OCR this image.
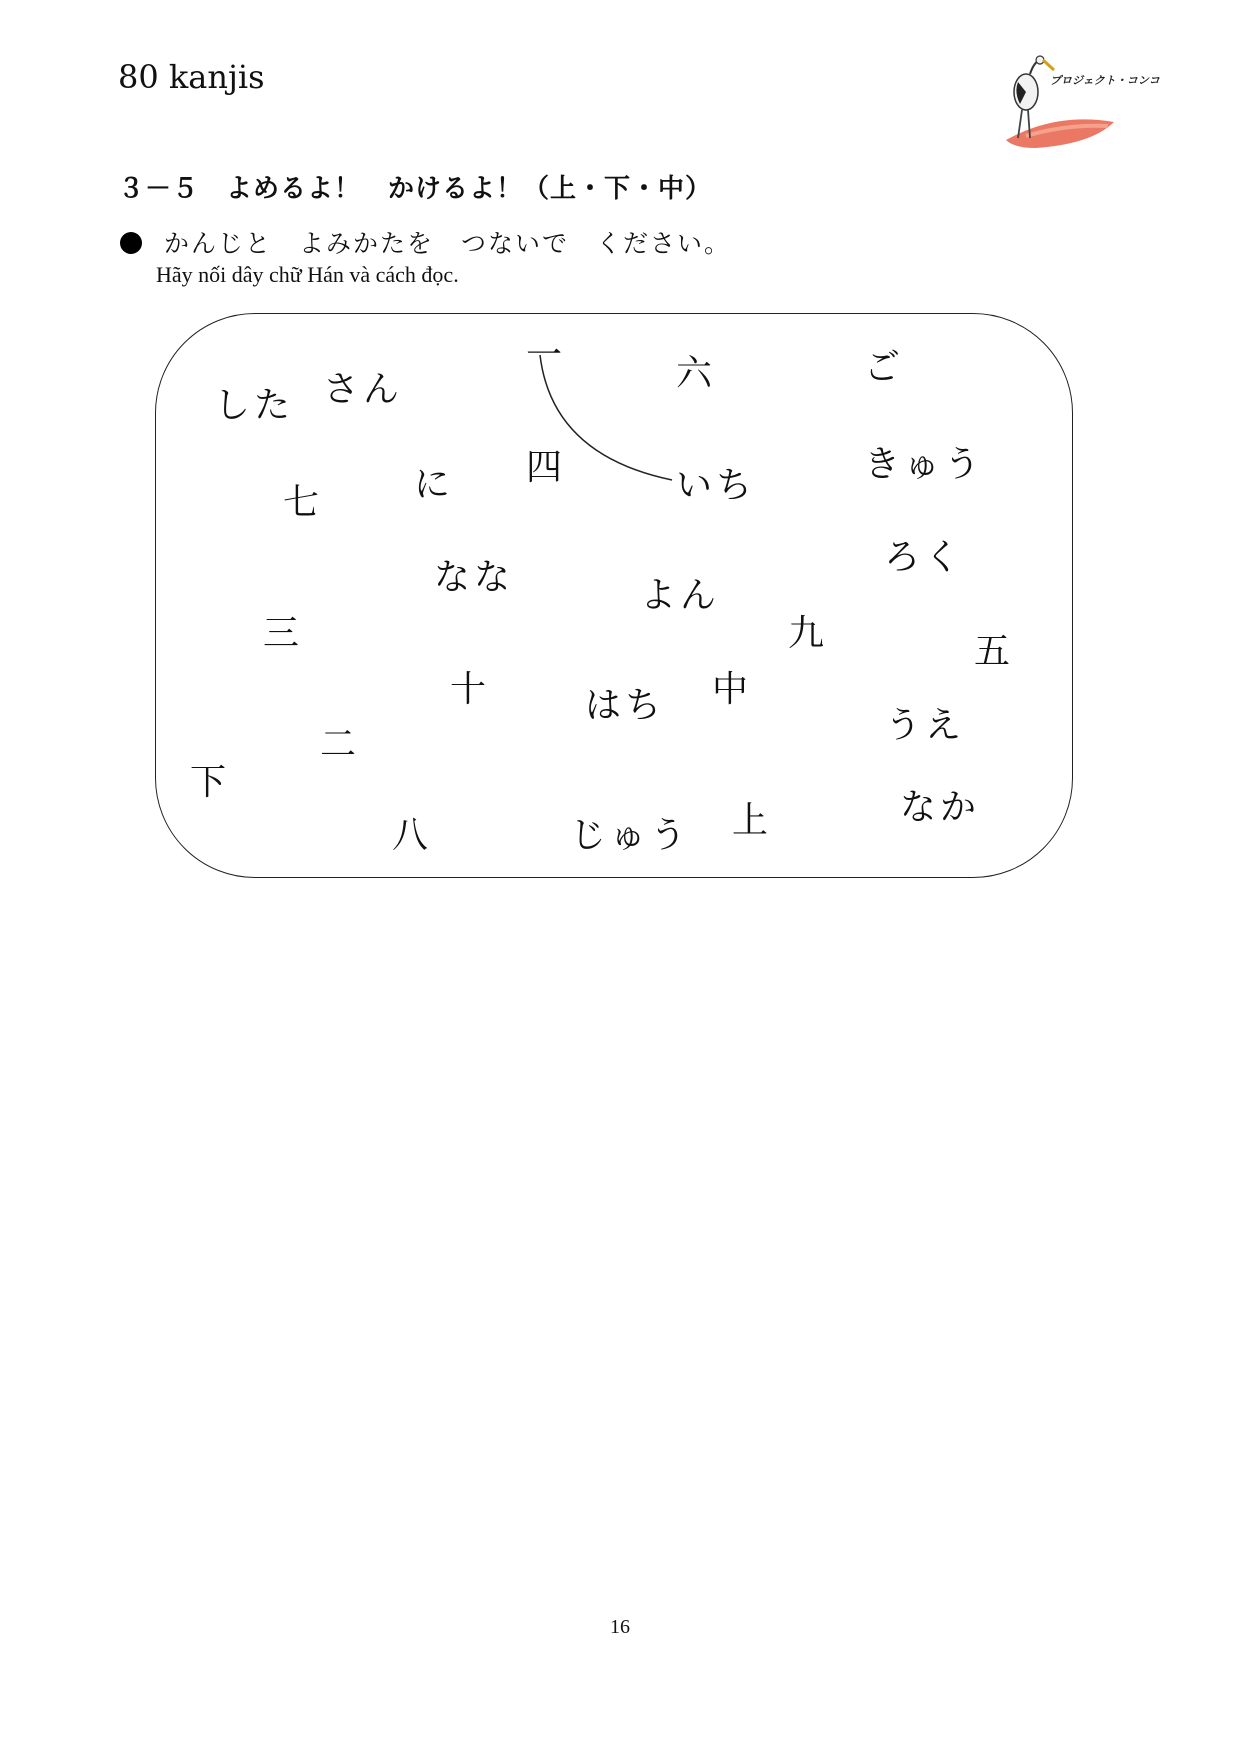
80 kanjis	プロジェクト・コンコ
３－５　よめるよ！　かけるよ！（上・下・中）
かんじと　よみかたを　つないで　ください。
Hãy nối dây chữ Hán và cách đọc.
一	六	ご
した さん
四	いち
きゅう
七	に
ろく
なな	よん
三	九	五
十	はち 中
うえ
二
下
なか
八	じゅう 上
16
